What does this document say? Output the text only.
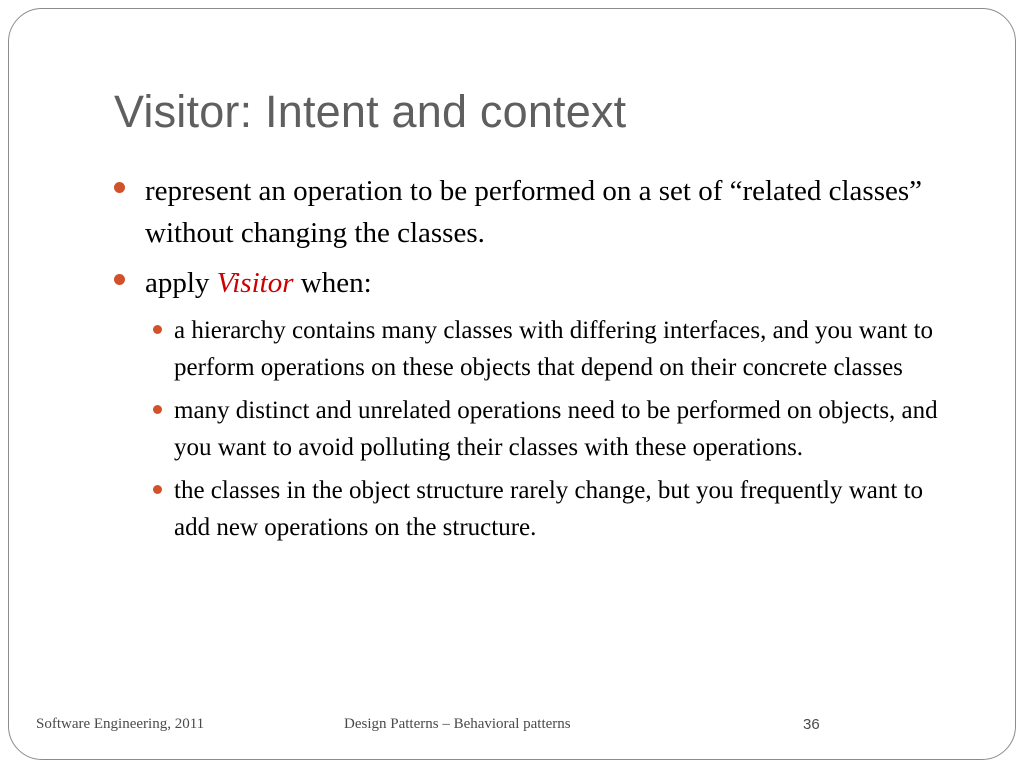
Visitor: Intent and context
represent an operation to be performed on a set of “related classes” without changing the classes.
apply Visitor when:
a hierarchy contains many classes with differing interfaces, and you want to perform operations on these objects that depend on their concrete classes
many distinct and unrelated operations need to be performed on objects, and you want to avoid polluting their classes with these operations.
the classes in the object structure rarely change, but you frequently want to add new operations on the structure.
Software Engineering, 2011	Design Patterns – Behavioral patterns	36
